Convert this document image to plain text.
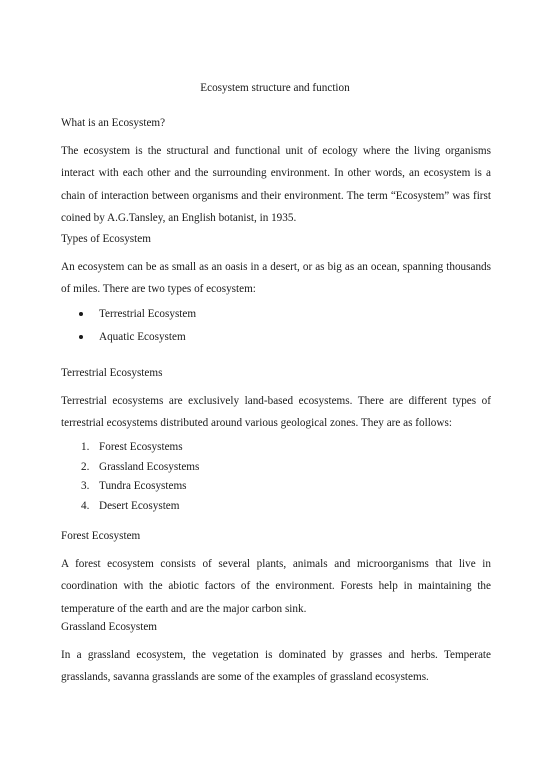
Ecosystem structure and function
What is an Ecosystem?
The ecosystem is the structural and functional unit of ecology where the living organisms
interact with each other and the surrounding environment. In other words, an ecosystem is a
chain of interaction between organisms and their environment. The term “Ecosystem” was first
coined by A.G.Tansley, an English botanist, in 1935.
Types of Ecosystem
An ecosystem can be as small as an oasis in a desert, or as big as an ocean, spanning thousands
of miles. There are two types of ecosystem:
Terrestrial Ecosystem
Aquatic Ecosystem
Terrestrial Ecosystems
Terrestrial ecosystems are exclusively land-based ecosystems. There are different types of
terrestrial ecosystems distributed around various geological zones. They are as follows:
1. Forest Ecosystems
2. Grassland Ecosystems
3. Tundra Ecosystems
4. Desert Ecosystem
Forest Ecosystem
A forest ecosystem consists of several plants, animals and microorganisms that live in
coordination with the abiotic factors of the environment. Forests help in maintaining the
temperature of the earth and are the major carbon sink.
Grassland Ecosystem
In a grassland ecosystem, the vegetation is dominated by grasses and herbs. Temperate
grasslands, savanna grasslands are some of the examples of grassland ecosystems.
